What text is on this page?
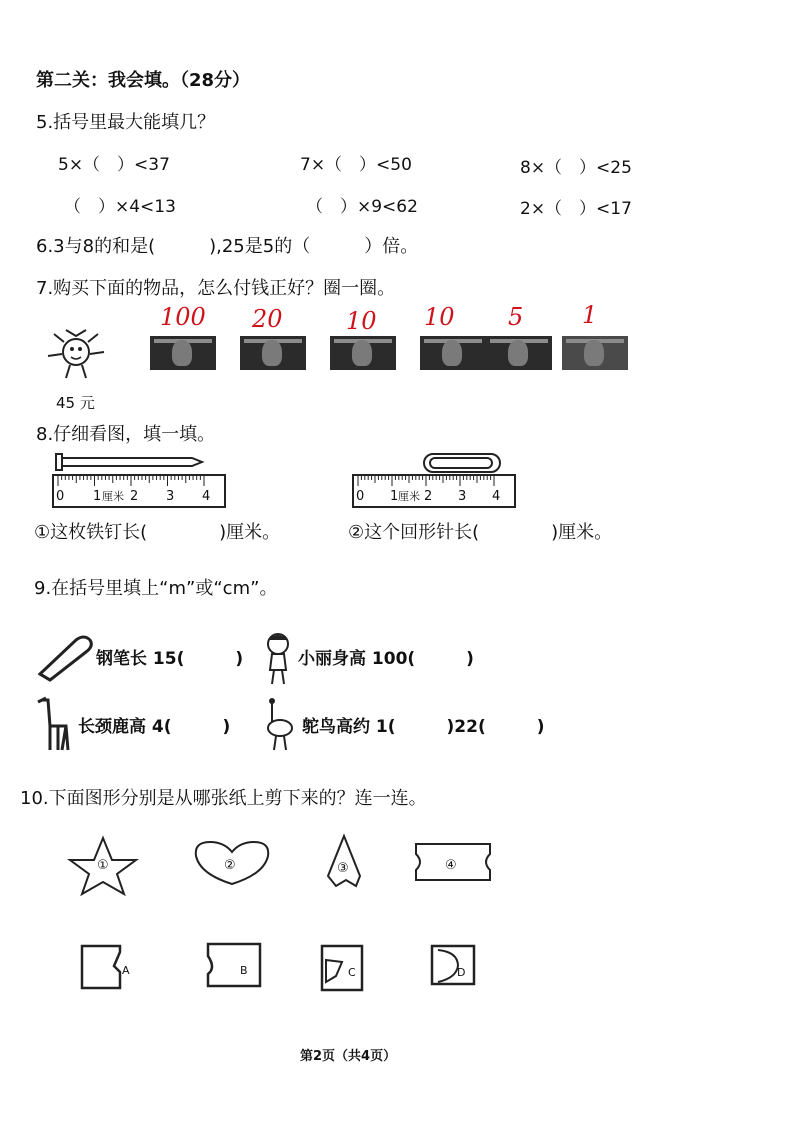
第二关：我会填。（28分）
5.括号里最大能填几？
5×（　）<37	7×（　）<50	8×（　）<25
（　）×4<13	（　）×9<62	2×（　）<17
6.3与8的和是(　　　),25是5的（　　　）倍。
7.购买下面的物品，怎么付钱正好？圈一圈。
45 元
100 20	10 10 5 1
8.仔细看图，填一填。
0 1 厘米 2 3 4	0 1 厘米 2 3 4
①这枚铁钉长(　　　　)厘米。	②这个回形针长(　　　　)厘米。
9.在括号里填上“m”或“cm”。
钢笔长 15(　　　)	小丽身高 100(　　　)
长颈鹿高 4(　　　)	鸵鸟高约 1(　　　)22(　　　)
10.下面图形分别是从哪张纸上剪下来的？连一连。
①	②	③	④
A	B	C	D
第2页（共4页）
